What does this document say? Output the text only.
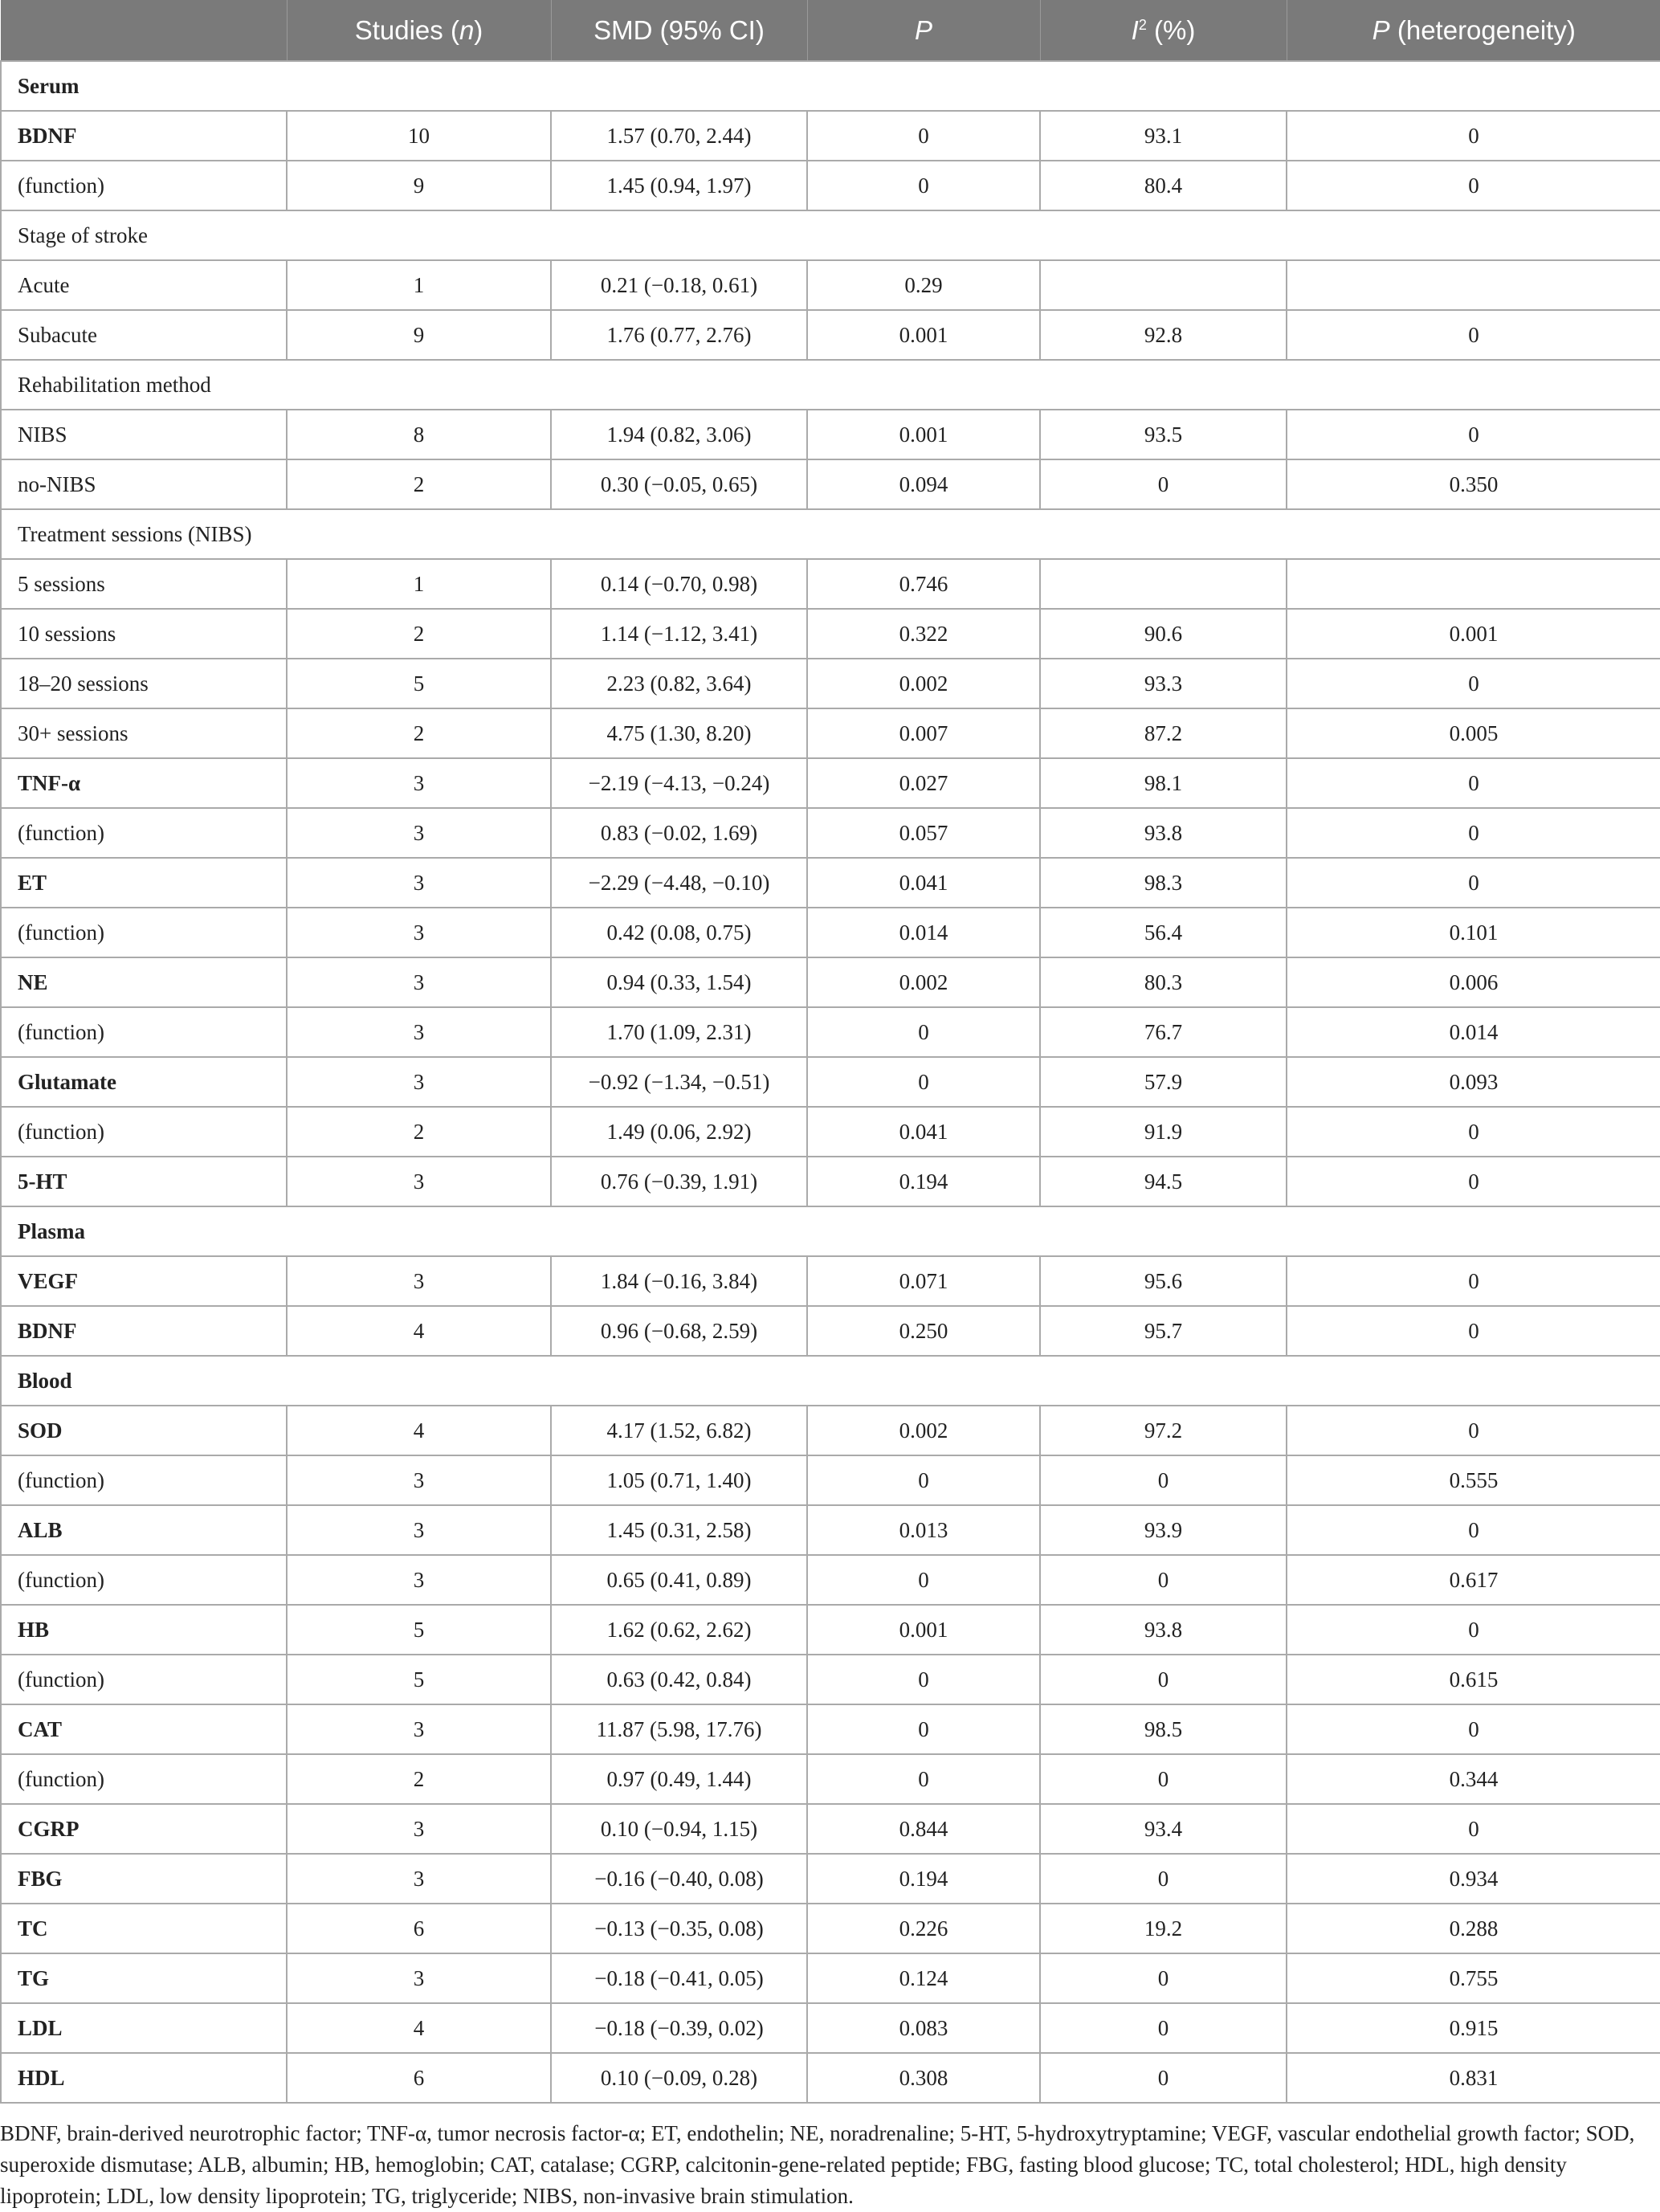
	Studies (n)	SMD (95% CI)	P	$I^2$ (%)	P (heterogeneity)
Serum					
BDNF	10	1.57 (0.70, 2.44)	0	93.1	0
(function)	9	1.45 (0.94, 1.97)	0	80.4	0
Stage of stroke					
Acute	1	0.21 (−0.18, 0.61)	0.29		
Subacute	9	1.76 (0.77, 2.76)	0.001	92.8	0
Rehabilitation method					
NIBS	8	1.94 (0.82, 3.06)	0.001	93.5	0
no-NIBS	2	0.30 (−0.05, 0.65)	0.094	0	0.350
Treatment sessions (NIBS)					
5 sessions	1	0.14 (−0.70, 0.98)	0.746		
10 sessions	2	1.14 (−1.12, 3.41)	0.322	90.6	0.001
18–20 sessions	5	2.23 (0.82, 3.64)	0.002	93.3	0
30+ sessions	2	4.75 (1.30, 8.20)	0.007	87.2	0.005
TNF-α	3	−2.19 (−4.13, −0.24)	0.027	98.1	0
(function)	3	0.83 (−0.02, 1.69)	0.057	93.8	0
ET	3	−2.29 (−4.48, −0.10)	0.041	98.3	0
(function)	3	0.42 (0.08, 0.75)	0.014	56.4	0.101
NE	3	0.94 (0.33, 1.54)	0.002	80.3	0.006
(function)	3	1.70 (1.09, 2.31)	0	76.7	0.014
Glutamate	3	−0.92 (−1.34, −0.51)	0	57.9	0.093
(function)	2	1.49 (0.06, 2.92)	0.041	91.9	0
5-HT	3	0.76 (−0.39, 1.91)	0.194	94.5	0
Plasma					
VEGF	3	1.84 (−0.16, 3.84)	0.071	95.6	0
BDNF	4	0.96 (−0.68, 2.59)	0.250	95.7	0
Blood					
SOD	4	4.17 (1.52, 6.82)	0.002	97.2	0
(function)	3	1.05 (0.71, 1.40)	0	0	0.555
ALB	3	1.45 (0.31, 2.58)	0.013	93.9	0
(function)	3	0.65 (0.41, 0.89)	0	0	0.617
HB	5	1.62 (0.62, 2.62)	0.001	93.8	0
(function)	5	0.63 (0.42, 0.84)	0	0	0.615
CAT	3	11.87 (5.98, 17.76)	0	98.5	0
(function)	2	0.97 (0.49, 1.44)	0	0	0.344
CGRP	3	0.10 (−0.94, 1.15)	0.844	93.4	0
FBG	3	−0.16 (−0.40, 0.08)	0.194	0	0.934
TC	6	−0.13 (−0.35, 0.08)	0.226	19.2	0.288
TG	3	−0.18 (−0.41, 0.05)	0.124	0	0.755
LDL	4	−0.18 (−0.39, 0.02)	0.083	0	0.915
HDL	6	0.10 (−0.09, 0.28)	0.308	0	0.831
BDNF, brain-derived neurotrophic factor; TNF-α, tumor necrosis factor-α; ET, endothelin; NE, noradrenaline; 5-HT, 5-hydroxytryptamine; VEGF, vascular endothelial growth factor; SOD, superoxide dismutase; ALB, albumin; HB, hemoglobin; CAT, catalase; CGRP, calcitonin-gene-related peptide; FBG, fasting blood glucose; TC, total cholesterol; HDL, high density lipoprotein; LDL, low density lipoprotein; TG, triglyceride; NIBS, non-invasive brain stimulation.
